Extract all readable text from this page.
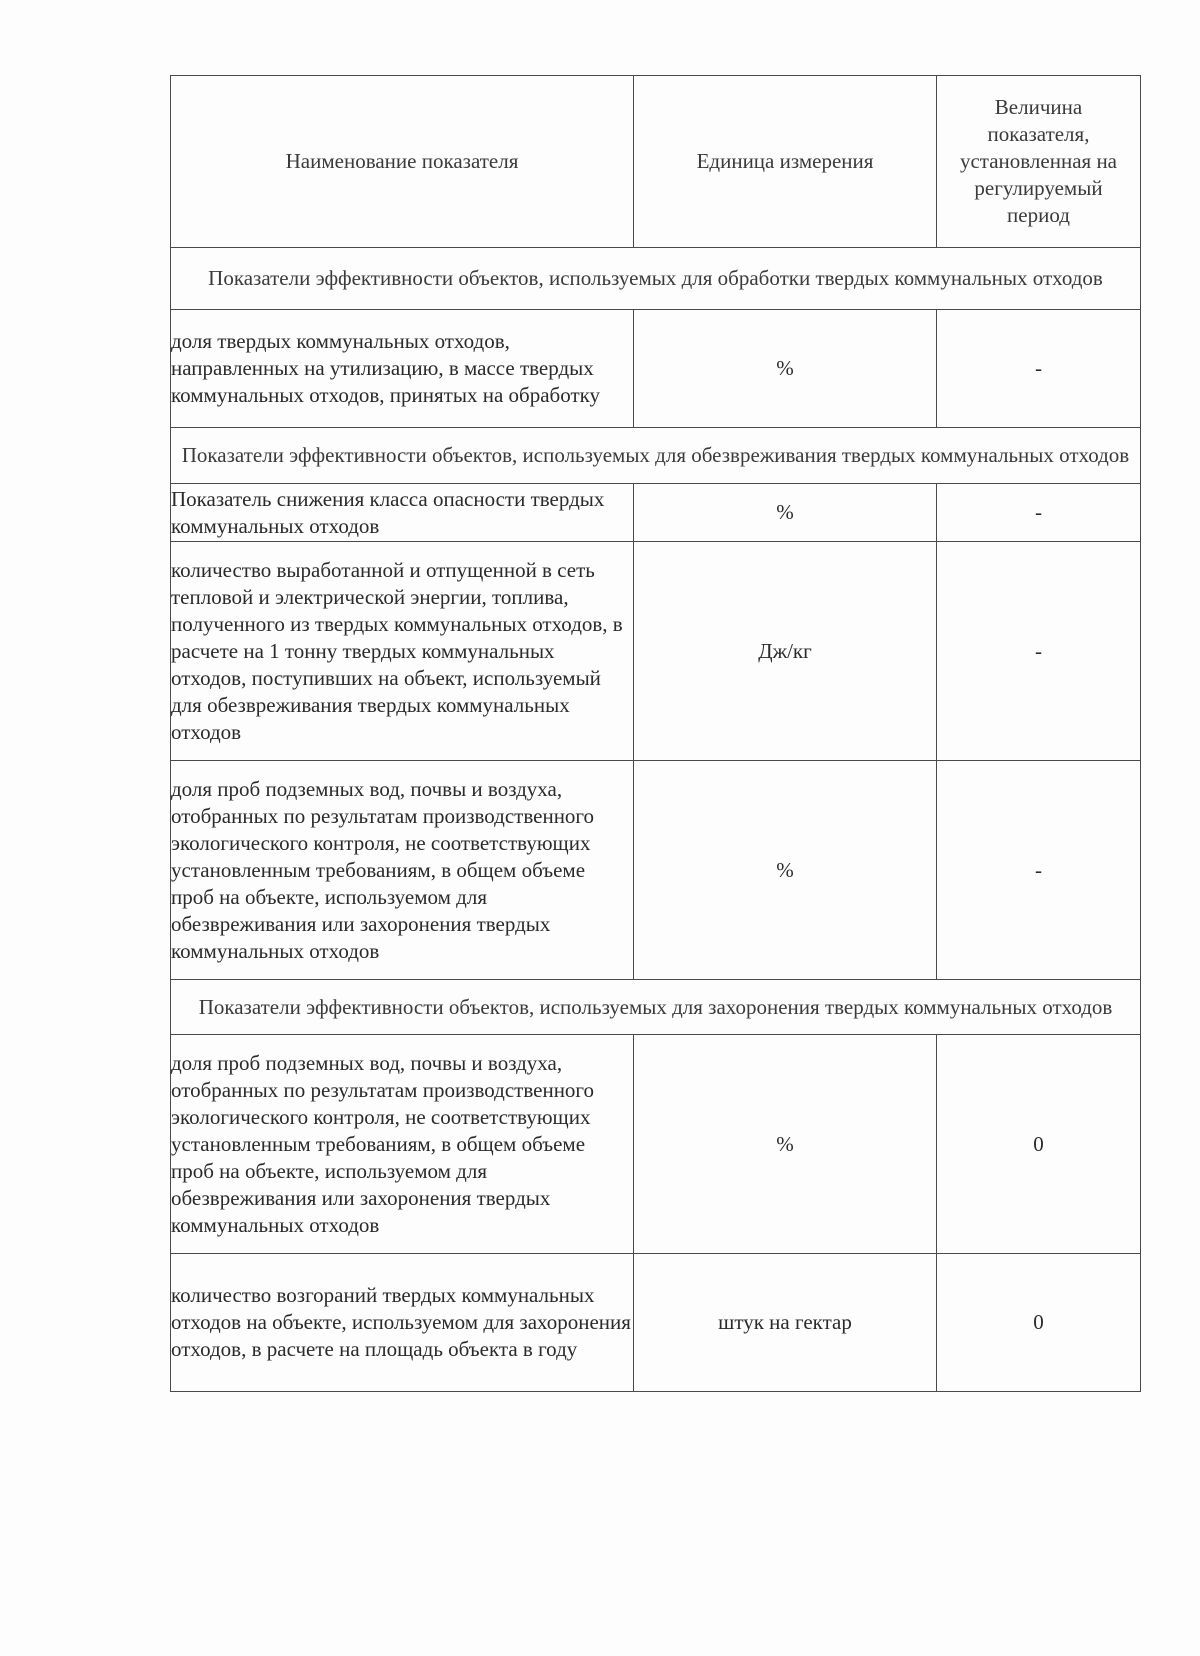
Наименование показателя	Единица измерения	Величина показателя, установленная на регулируемый период
Показатели эффективности объектов, используемых для обработки твердых коммунальных отходов		
доля твердых коммунальных отходов, направленных на утилизацию, в массе твердых коммунальных отходов, принятых на обработку	%	-
Показатели эффективности объектов, используемых для обезвреживания твердых коммунальных отходов		
Показатель снижения класса опасности твердых коммунальных отходов	%	-
количество выработанной и отпущенной в сеть тепловой и электрической энергии, топлива, полученного из твердых коммунальных отходов, в расчете на 1 тонну твердых коммунальных отходов, поступивших на объект, используемый для обезвреживания твердых коммунальных отходов	Дж/кг	-
доля проб подземных вод, почвы и воздуха, отобранных по результатам производственного экологического контроля, не соответствующих установленным требованиям, в общем объеме проб на объекте, используемом для обезвреживания или захоронения твердых коммунальных отходов	%	-
Показатели эффективности объектов, используемых для захоронения твердых коммунальных отходов		
доля проб подземных вод, почвы и воздуха, отобранных по результатам производственного экологического контроля, не соответствующих установленным требованиям, в общем объеме проб на объекте, используемом для обезвреживания или захоронения твердых коммунальных отходов	%	0
количество возгораний твердых коммунальных отходов на объекте, используемом для захоронения отходов, в расчете на площадь объекта в году	штук на гектар	0
